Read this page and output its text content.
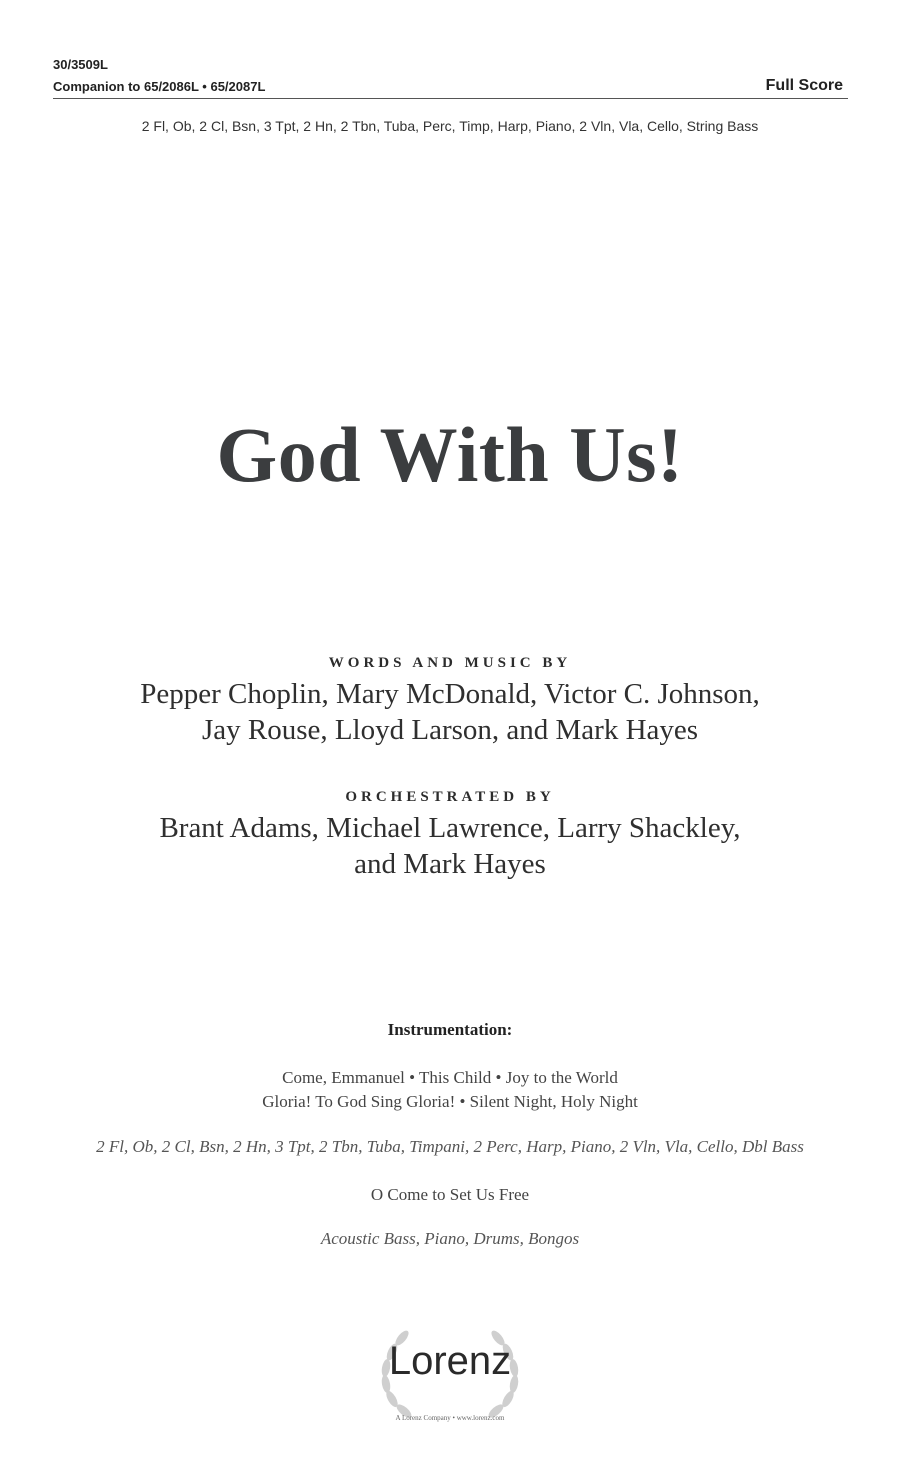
30/3509L
Companion to 65/2086L • 65/2087L	Full Score
2 Fl, Ob, 2 Cl, Bsn, 3 Tpt, 2 Hn, 2 Tbn, Tuba, Perc, Timp, Harp, Piano, 2 Vln, Vla, Cello, String Bass
God With Us!
WORDS AND MUSIC BY
Pepper Choplin, Mary McDonald, Victor C. Johnson,
Jay Rouse, Lloyd Larson, and Mark Hayes
ORCHESTRATED BY
Brant Adams, Michael Lawrence, Larry Shackley,
and Mark Hayes
Instrumentation:
Come, Emmanuel • This Child • Joy to the World
Gloria! To God Sing Gloria! • Silent Night, Holy Night
2 Fl, Ob, 2 Cl, Bsn, 2 Hn, 3 Tpt, 2 Tbn, Tuba, Timpani, 2 Perc, Harp, Piano, 2 Vln, Vla, Cello, Dbl Bass
O Come to Set Us Free
Acoustic Bass, Piano, Drums, Bongos
Lorenz
A Lorenz Company • www.lorenz.com
